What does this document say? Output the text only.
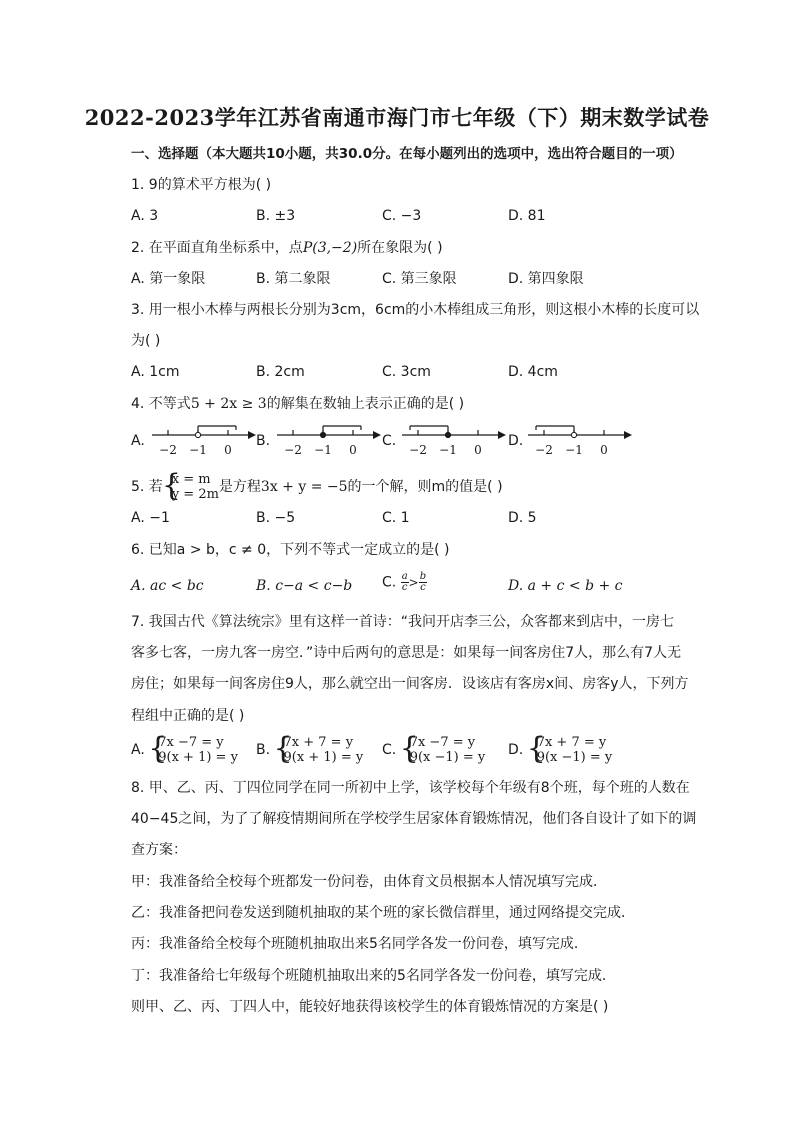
2022-2023学年江苏省南通市海门市七年级（下）期末数学试卷
一、选择题（本大题共10小题，共30.0分。在每小题列出的选项中，选出符合题目的一项）
1. 9的算术平方根为( )
A. 3	B. ±3	C. −3	D. 81
2. 在平面直角坐标系中，点P(3,−2)所在象限为( )
A. 第一象限	B. 第二象限	C. 第三象限	D. 第四象限
3. 用一根小木棒与两根长分别为3cm，6cm的小木棒组成三角形，则这根小木棒的长度可以
为( )
A. 1cm	B. 2cm	C. 3cm	D. 4cm
4. 不等式5 + 2x ≥ 3的解集在数轴上表示正确的是( )
A.	B.	C.	D.
−2 −1 0	−2 −1 0	−2 −1 0	−2 −1 0
5. 若 { x = m
y = 2m 是方程3x + y = −5的一个解，则m的值是( )
A. −1	B. −5	C. 1	D. 5
6. 已知a > b，c ≠ 0，下列不等式一定成立的是( )
A. ac < bc	B. c−a < c−b C. $\frac{a}{c} > \frac{b}{c}$	D. a + c < b + c
7. 我国古代《算法统宗》里有这样一首诗：“我问开店李三公，众客都来到店中，一房七
客多七客，一房九客一房空．”诗中后两句的意思是：如果每一间客房住7人，那么有7人无
房住；如果每一间客房住9人，那么就空出一间客房．设该店有客房x间、房客y人，下列方
程组中正确的是( )
A. { 7x −7 = y
9(x + 1) = y B. { 7x + 7 = y
9(x + 1) = y C. { 7x −7 = y
9(x −1) = y D. { 7x + 7 = y
9(x −1) = y
8. 甲、乙、丙、丁四位同学在同一所初中上学，该学校每个年级有8个班，每个班的人数在
40−45之间，为了了解疫情期间所在学校学生居家体育锻炼情况，他们各自设计了如下的调
查方案：
甲：我准备给全校每个班都发一份问卷，由体育文员根据本人情况填写完成．
乙：我准备把问卷发送到随机抽取的某个班的家长微信群里，通过网络提交完成．
丙：我准备给全校每个班随机抽取出来5名同学各发一份问卷，填写完成．
丁：我准备给七年级每个班随机抽取出来的5名同学各发一份问卷，填写完成．
则甲、乙、丙、丁四人中，能较好地获得该校学生的体育锻炼情况的方案是( )
